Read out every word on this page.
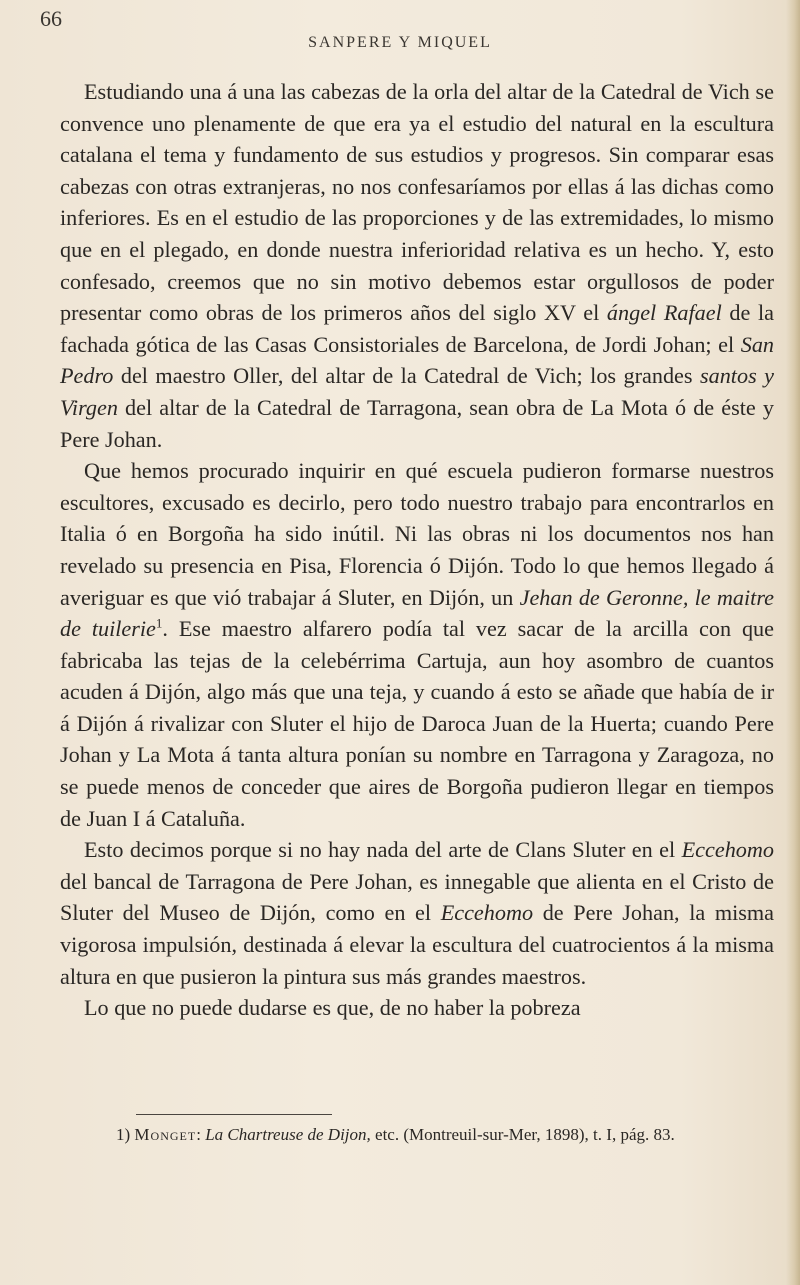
66
SANPERE Y MIQUEL

Estudiando una á una las cabezas de la orla del altar de la Catedral de Vich se convence uno plenamente de que era ya el estudio del natural en la escultura catalana el tema y fundamento de sus estudios y progresos. Sin comparar esas cabezas con otras extranjeras, no nos confesaríamos por ellas á las dichas como inferiores. Es en el estudio de las proporciones y de las extremidades, lo mismo que en el plegado, en donde nuestra inferioridad relativa es un hecho. Y, esto confesado, creemos que no sin motivo debemos estar orgullosos de poder presentar como obras de los primeros años del siglo XV el ángel Rafael de la fachada gótica de las Casas Consistoriales de Barcelona, de Jordi Johan; el San Pedro del maestro Oller, del altar de la Catedral de Vich; los grandes santos y Virgen del altar de la Catedral de Tarragona, sean obra de La Mota ó de éste y Pere Johan.

Que hemos procurado inquirir en qué escuela pudieron formarse nuestros escultores, excusado es decirlo, pero todo nuestro trabajo para encontrarlos en Italia ó en Borgoña ha sido inútil. Ni las obras ni los documentos nos han revelado su presencia en Pisa, Florencia ó Dijón. Todo lo que hemos llegado á averiguar es que vió trabajar á Sluter, en Dijón, un Jehan de Geronne, le maitre de tuilerie$^1$. Ese maestro alfarero podía tal vez sacar de la arcilla con que fabricaba las tejas de la celebérrima Cartuja, aun hoy asombro de cuantos acuden á Dijón, algo más que una teja, y cuando á esto se añade que había de ir á Dijón á rivalizar con Sluter el hijo de Daroca Juan de la Huerta; cuando Pere Johan y La Mota á tanta altura ponían su nombre en Tarragona y Zaragoza, no se puede menos de conceder que aires de Borgoña pudieron llegar en tiempos de Juan I á Cataluña.

Esto decimos porque si no hay nada del arte de Clans Sluter en el Eccehomo del bancal de Tarragona de Pere Johan, es innegable que alienta en el Cristo de Sluter del Museo de Dijón, como en el Eccehomo de Pere Johan, la misma vigorosa impulsión, destinada á elevar la escultura del cuatrocientos á la misma altura en que pusieron la pintura sus más grandes maestros.

Lo que no puede dudarse es que, de no haber la pobreza

1) Monget: La Chartreuse de Dijon, etc. (Montreuil-sur-Mer, 1898), t. I, pág. 83.
